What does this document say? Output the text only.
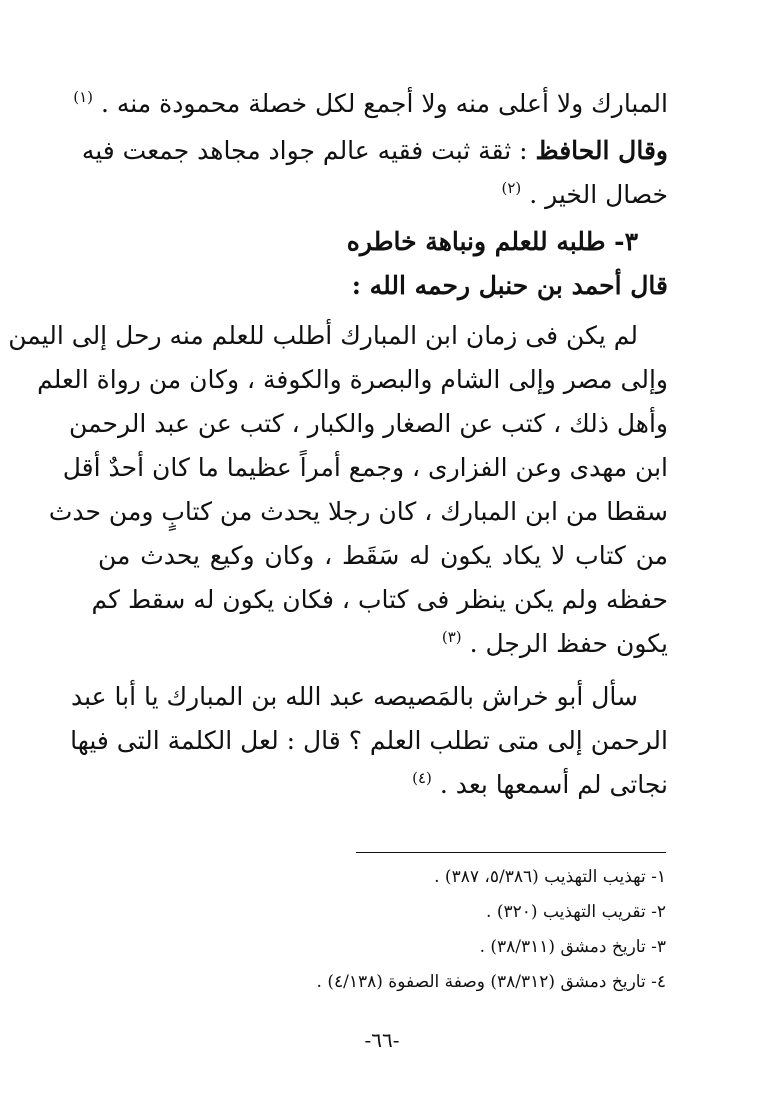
المبارك ولا أعلى منه ولا أجمع لكل خصلة محمودة منه . $^{(١)}$

وقال الحافظ : ثقة ثبت فقيه عالم جواد مجاهد جمعت فيه

خصال الخير . $^{(٢)}$

٣- طلبه للعلم ونباهة خاطره

قال أحمد بن حنبل رحمه الله :

لم يكن فى زمان ابن المبارك أطلب للعلم منه رحل إلى اليمن

وإلى مصر وإلى الشام والبصرة والكوفة ، وكان من رواة العلم

وأهل ذلك ، كتب عن الصغار والكبار ، كتب عن عبد الرحمن

ابن مهدى وعن الفزارى ، وجمع أمراً عظيما ما كان أحدٌ أقل

سقطا من ابن المبارك ، كان رجلا يحدث من كتابٍ ومن حدث

من كتاب لا يكاد يكون له سَقَط ، وكان وكيع يحدث من

حفظه ولم يكن ينظر فى كتاب ، فكان يكون له سقط كم

يكون حفظ الرجل . $^{(٣)}$

سأل أبو خراش بالمَصيصه عبد الله بن المبارك يا أبا عبد

الرحمن إلى متى تطلب العلم ؟ قال : لعل الكلمة التى فيها

نجاتى لم أسمعها بعد . $^{(٤)}$

١- تهذيب التهذيب (٥/٣٨٦، ٣٨٧) .

٢- تقريب التهذيب (٣٢٠) .

٣- تاريخ دمشق (٣٨/٣١١) .

٤- تاريخ دمشق (٣٨/٣١٢) وصفة الصفوة (٤/١٣٨) .

-٦٦-
